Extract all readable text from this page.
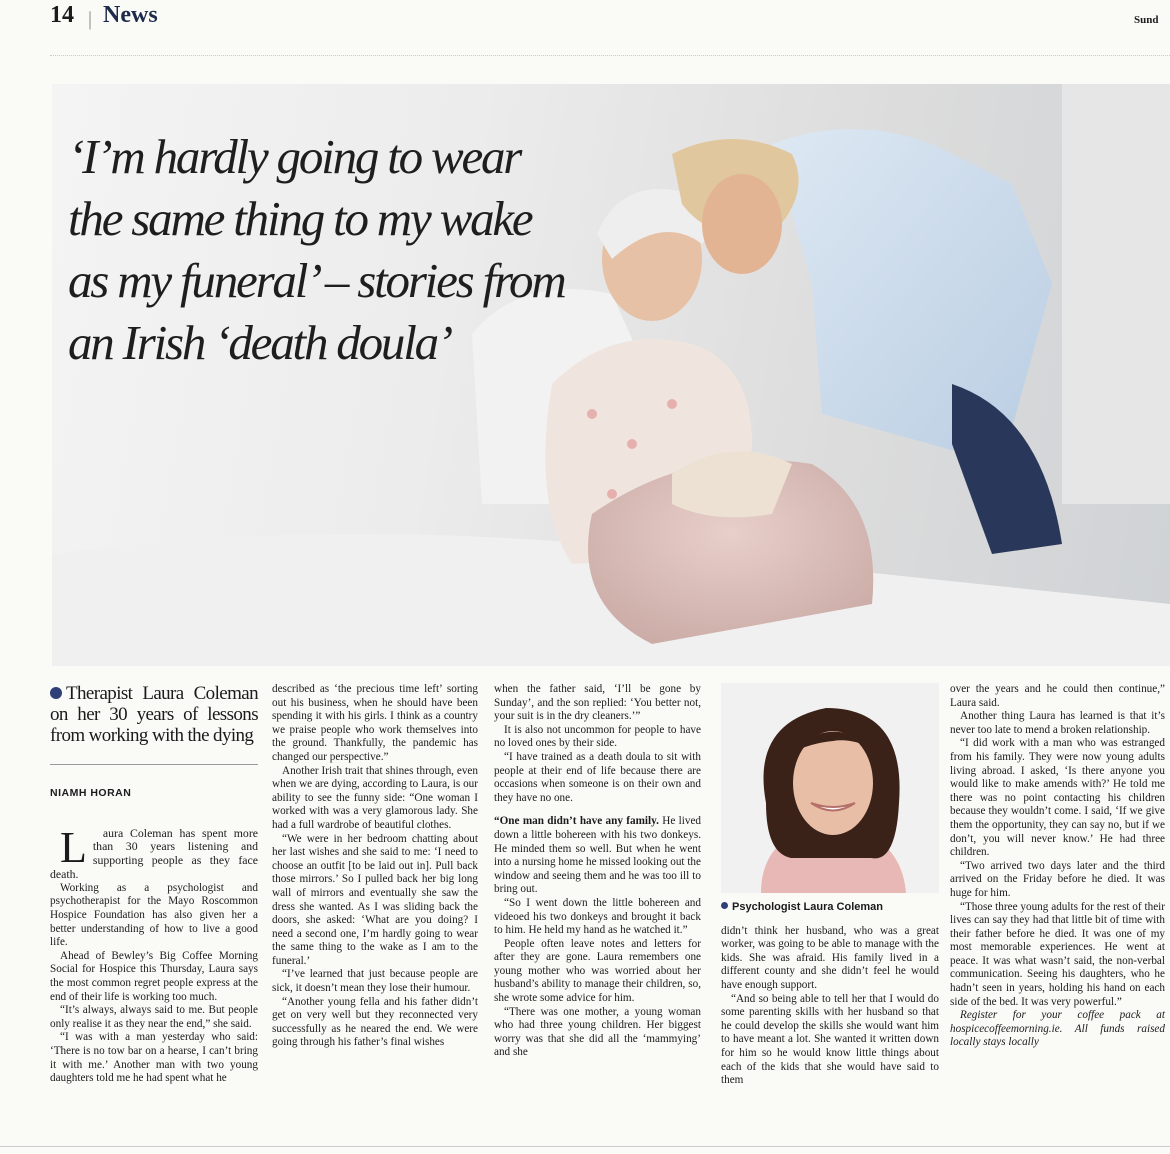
14 | News	Sund
‘I’m hardly going to wear the same thing to my wake as my funeral’ – stories from an Irish ‘death doula’

Therapist Laura Coleman on her 30 years of lessons from working with the dying

NIAMH HORAN

L aura Coleman has spent more than 30 years listening and supporting people as they face death.

Working as a psychologist and psychotherapist for the Mayo Roscommon Hospice Foundation has also given her a better understanding of how to live a good life.

Ahead of Bewley’s Big Coffee Morning Social for Hospice this Thursday, Laura says the most common regret people express at the end of their life is working too much.

“It’s always, always said to me. But people only realise it as they near the end,” she said.

“I was with a man yesterday who said: ‘There is no tow bar on a hearse, I can’t bring it with me.’ Another man with two young daughters told me he had spent what he

described as ‘the precious time left’ sorting out his business, when he should have been spending it with his girls. I think as a country we praise people who work themselves into the ground. Thankfully, the pandemic has changed our perspective.”

Another Irish trait that shines through, even when we are dying, according to Laura, is our ability to see the funny side: “One woman I worked with was a very glamorous lady. She had a full wardrobe of beautiful clothes.

“We were in her bedroom chatting about her last wishes and she said to me: ‘I need to choose an outfit [to be laid out in]. Pull back those mirrors.’ So I pulled back her big long wall of mirrors and eventually she saw the dress she wanted. As I was sliding back the doors, she asked: ‘What are you doing? I need a second one, I’m hardly going to wear the same thing to the wake as I am to the funeral.’

“I’ve learned that just because people are sick, it doesn’t mean they lose their humour.

“Another young fella and his father didn’t get on very well but they reconnected very successfully as he neared the end. We were going through his father’s final wishes

when the father said, ‘I’ll be gone by Sunday’, and the son replied: ‘You better not, your suit is in the dry cleaners.’”

It is also not uncommon for people to have no loved ones by their side.

“I have trained as a death doula to sit with people at their end of life because there are occasions when someone is on their own and they have no one.

“One man didn’t have any family. He lived down a little bohereen with his two donkeys. He minded them so well. But when he went into a nursing home he missed looking out the window and seeing them and he was too ill to bring out.

“So I went down the little bohereen and videoed his two donkeys and brought it back to him. He held my hand as he watched it.”

People often leave notes and letters for after they are gone. Laura remembers one young mother who was worried about her husband’s ability to manage their children, so, she wrote some advice for him.

“There was one mother, a young woman who had three young children. Her biggest worry was that she did all the ‘mammying’ and she

Psychologist Laura Coleman

didn’t think her husband, who was a great worker, was going to be able to manage with the kids. She was afraid. His family lived in a different county and she didn’t feel he would have enough support.

“And so being able to tell her that I would do some parenting skills with her husband so that he could develop the skills she would want him to have meant a lot. She wanted it written down for him so he would know little things about each of the kids that she would have said to them

over the years and he could then continue,” Laura said.

Another thing Laura has learned is that it’s never too late to mend a broken relationship.

“I did work with a man who was estranged from his family. They were now young adults living abroad. I asked, ‘Is there anyone you would like to make amends with?’ He told me there was no point contacting his children because they wouldn’t come. I said, ‘If we give them the opportunity, they can say no, but if we don’t, you will never know.’ He had three children.

“Two arrived two days later and the third arrived on the Friday before he died. It was huge for him.

“Those three young adults for the rest of their lives can say they had that little bit of time with their father before he died. It was one of my most memorable experiences. He went at peace. It was what wasn’t said, the non-verbal communication. Seeing his daughters, who he hadn’t seen in years, holding his hand on each side of the bed. It was very powerful.”

Register for your coffee pack at hospicecoffeemorning.ie. All funds raised locally stays locally
